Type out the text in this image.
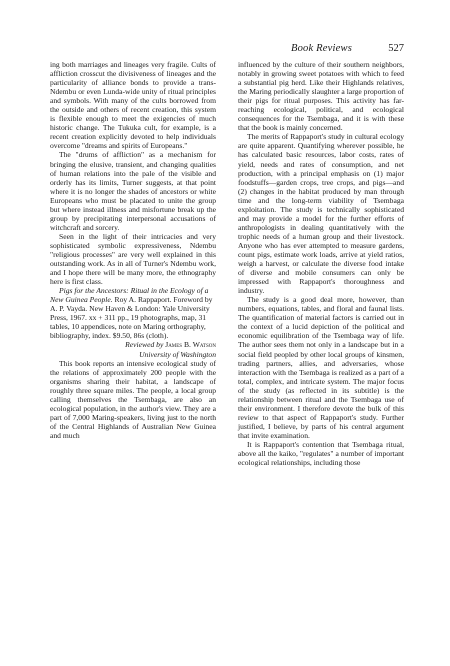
Book Reviews	527

ing both marriages and lineages very fragile. Cults of affliction crosscut the divisiveness of lineages and the particularity of alliance bonds to provide a trans-Ndembu or even Lunda-wide unity of ritual principles and symbols. With many of the cults borrowed from the outside and others of recent creation, this system is flexible enough to meet the exigencies of much historic change. The Tukuka cult, for example, is a recent creation explicitly devoted to help individuals overcome "dreams and spirits of Europeans."

The "drums of affliction" as a mechanism for bringing the elusive, transient, and changing qualities of human relations into the pale of the visible and orderly has its limits, Turner suggests, at that point where it is no longer the shades of ancestors or white Europeans who must be placated to unite the group but where instead illness and misfortune break up the group by precipitating interpersonal accusations of witchcraft and sorcery.

Seen in the light of their intricacies and very sophisticated symbolic expressiveness, Ndembu "religious processes" are very well explained in this outstanding work. As in all of Turner's Ndembu work, and I hope there will be many more, the ethnography here is first class.

Pigs for the Ancestors: Ritual in the Ecology of a New Guinea People. Roy A. Rappaport. Foreword by A. P. Vayda. New Haven & London: Yale University Press, 1967. xx + 311 pp., 19 photographs, map, 31 tables, 10 appendices, note on Maring orthography, bibliography, index. $9.50, 86s (cloth).

Reviewed by James B. Watson
University of Washington

This book reports an intensive ecological study of the relations of approximately 200 people with the organisms sharing their habitat, a landscape of roughly three square miles. The people, a local group calling themselves the Tsembaga, are also an ecological population, in the author's view. They are a part of 7,000 Maring-speakers, living just to the north of the Central Highlands of Australian New Guinea and much

influenced by the culture of their southern neighbors, notably in growing sweet potatoes with which to feed a substantial pig herd. Like their Highlands relatives, the Maring periodically slaughter a large proportion of their pigs for ritual purposes. This activity has far-reaching ecological, political, and ecological consequences for the Tsembaga, and it is with these that the book is mainly concerned.

The merits of Rappaport's study in cultural ecology are quite apparent. Quantifying wherever possible, he has calculated basic resources, labor costs, rates of yield, needs and rates of consumption, and net production, with a principal emphasis on (1) major foodstuffs—garden crops, tree crops, and pigs—and (2) changes in the habitat produced by man through time and the long-term viability of Tsembaga exploitation. The study is technically sophisticated and may provide a model for the further efforts of anthropologists in dealing quantitatively with the trophic needs of a human group and their livestock. Anyone who has ever attempted to measure gardens, count pigs, estimate work loads, arrive at yield ratios, weigh a harvest, or calculate the diverse food intake of diverse and mobile consumers can only be impressed with Rappaport's thoroughness and industry.

The study is a good deal more, however, than numbers, equations, tables, and floral and faunal lists. The quantification of material factors is carried out in the context of a lucid depiction of the political and economic equilibration of the Tsembaga way of life. The author sees them not only in a landscape but in a social field peopled by other local groups of kinsmen, trading partners, allies, and adversaries, whose interaction with the Tsembaga is realized as a part of a total, complex, and intricate system. The major focus of the study (as reflected in its subtitle) is the relationship between ritual and the Tsembaga use of their environment. I therefore devote the bulk of this review to that aspect of Rappaport's study. Further justified, I believe, by parts of his central argument that invite examination.

It is Rappaport's contention that Tsembaga ritual, above all the kaiko, "regulates" a number of important ecological relationships, including those
